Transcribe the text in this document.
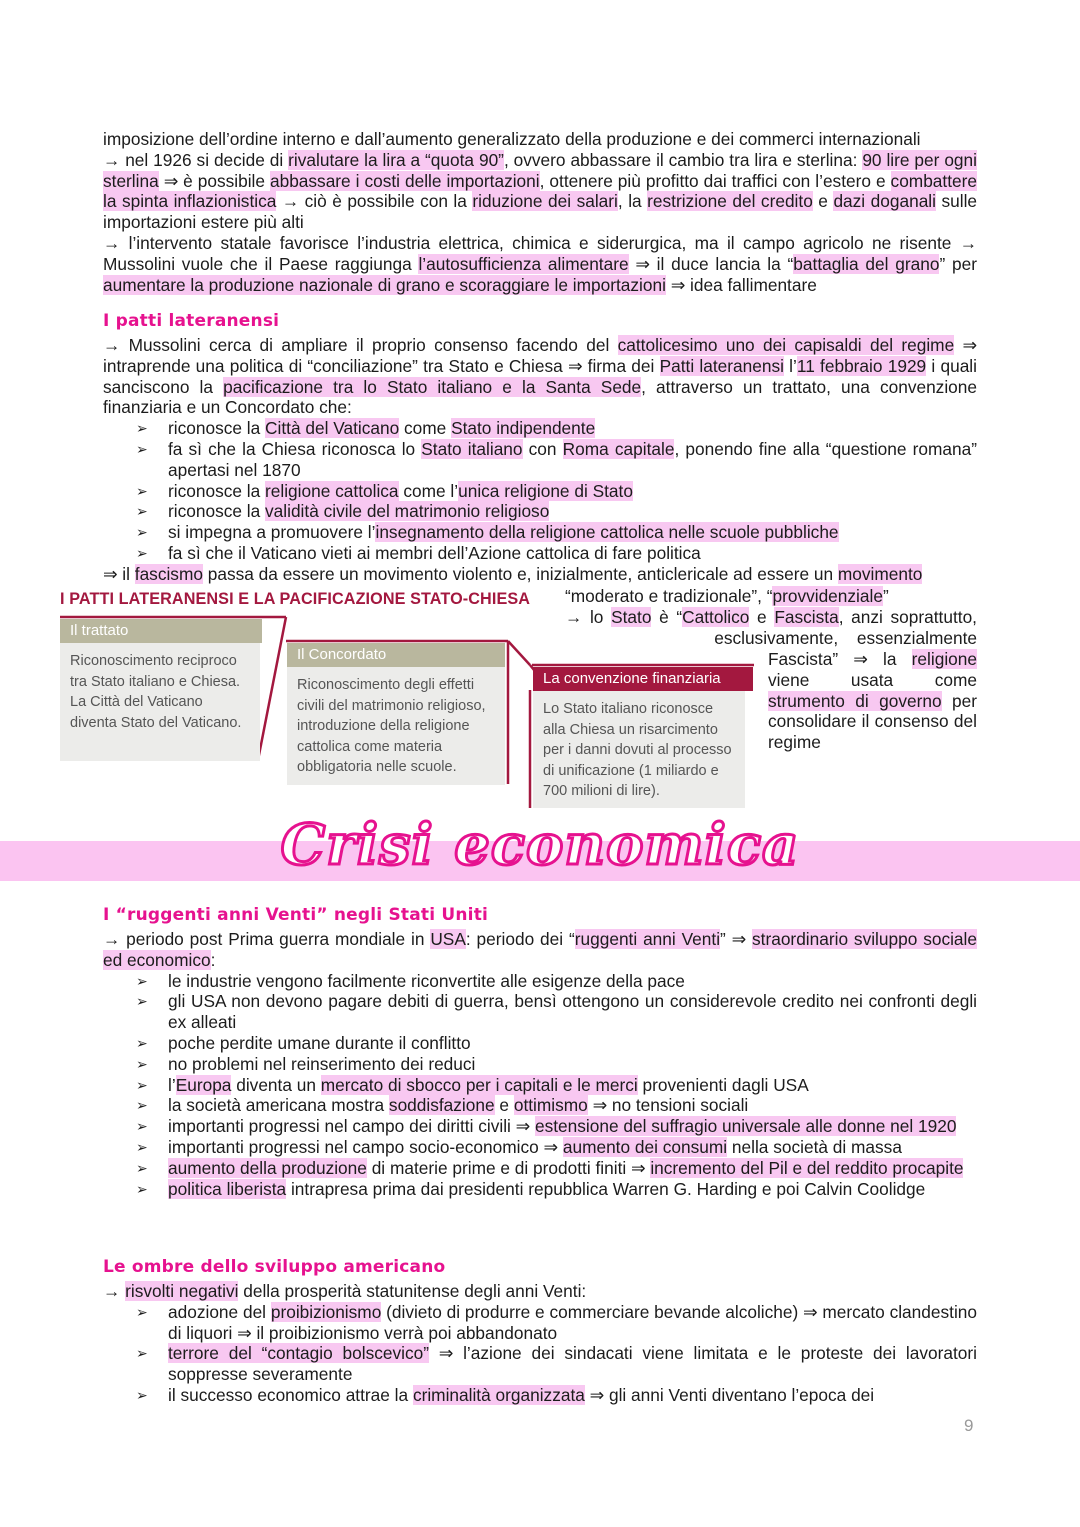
imposizione dell’ordine interno e dall’aumento generalizzato della produzione e dei commerci internazionali

→ nel 1926 si decide di rivalutare la lira a “quota 90”, ovvero abbassare il cambio tra lira e sterlina: 90 lire per ogni sterlina ⇒ è possibile abbassare i costi delle importazioni, ottenere più profitto dai traffici con l’estero e combattere la spinta inflazionistica → ciò è possibile con la riduzione dei salari, la restrizione del credito e dazi doganali sulle importazioni estere più alti

→ l’intervento statale favorisce l’industria elettrica, chimica e siderurgica, ma il campo agricolo ne risente → Mussolini vuole che il Paese raggiunga l’autosufficienza alimentare ⇒ il duce lancia la “battaglia del grano” per aumentare la produzione nazionale di grano e scoraggiare le importazioni ⇒ idea fallimentare

I patti lateranensi

→ Mussolini cerca di ampliare il proprio consenso facendo del cattolicesimo uno dei capisaldi del regime ⇒ intraprende una politica di “conciliazione” tra Stato e Chiesa ⇒ firma dei Patti lateranensi l’11 febbraio 1929 i quali sanciscono la pacificazione tra lo Stato italiano e la Santa Sede, attraverso un trattato, una convenzione finanziaria e un Concordato che:

➢	riconosce la Città del Vaticano come Stato indipendente
➢	fa sì che la Chiesa riconosca lo Stato italiano con Roma capitale, ponendo fine alla “questione romana” apertasi nel 1870
➢	riconosce la religione cattolica come l’unica religione di Stato
➢	riconosce la validità civile del matrimonio religioso
➢	si impegna a promuovere l’insegnamento della religione cattolica nelle scuole pubbliche
➢	fa sì che il Vaticano vieti ai membri dell’Azione cattolica di fare politica

⇒ il fascismo passa da essere un movimento violento e, inizialmente, anticlericale ad essere un movimento

I PATTI LATERANENSI E LA PACIFICAZIONE STATO-CHIESA
Il trattato
Riconoscimento reciproco tra Stato italiano e Chiesa. La Città del Vaticano diventa Stato del Vaticano.
Il Concordato
Riconoscimento degli effetti civili del matrimonio religioso, introduzione della religione cattolica come materia obbligatoria nelle scuole.
La convenzione finanziaria
Lo Stato italiano riconosce alla Chiesa un risarcimento per i danni dovuti al processo di unificazione (1 miliardo e 700 milioni di lire).
“moderato e tradizionale”, “provvidenziale”
→ lo Stato è “Cattolico e Fascista, anzi soprattutto,
esclusivamente, essenzialmente
Fascista” ⇒ la religione viene usata come strumento di governo per consolidare il consenso del regime
Crisi economica
I “ruggenti anni Venti” negli Stati Uniti

→ periodo post Prima guerra mondiale in USA: periodo dei “ruggenti anni Venti” ⇒ straordinario sviluppo sociale ed economico:

➢	le industrie vengono facilmente riconvertite alle esigenze della pace
➢	gli USA non devono pagare debiti di guerra, bensì ottengono un considerevole credito nei confronti degli ex alleati
➢	poche perdite umane durante il conflitto
➢	no problemi nel reinserimento dei reduci
➢	l’Europa diventa un mercato di sbocco per i capitali e le merci provenienti dagli USA
➢	la società americana mostra soddisfazione e ottimismo ⇒ no tensioni sociali
➢	importanti progressi nel campo dei diritti civili ⇒ estensione del suffragio universale alle donne nel 1920
➢	importanti progressi nel campo socio-economico ⇒ aumento dei consumi nella società di massa
➢	aumento della produzione di materie prime e di prodotti finiti ⇒ incremento del Pil e del reddito procapite
➢	politica liberista intrapresa prima dai presidenti repubblica Warren G. Harding e poi Calvin Coolidge
Le ombre dello sviluppo americano

→ risvolti negativi della prosperità statunitense degli anni Venti:

➢	adozione del proibizionismo (divieto di produrre e commerciare bevande alcoliche) ⇒ mercato clandestino di liquori ⇒ il proibizionismo verrà poi abbandonato
➢	terrore del “contagio bolscevico” ⇒ l’azione dei sindacati viene limitata e le proteste dei lavoratori soppresse severamente
➢	il successo economico attrae la criminalità organizzata ⇒ gli anni Venti diventano l’epoca dei
9
